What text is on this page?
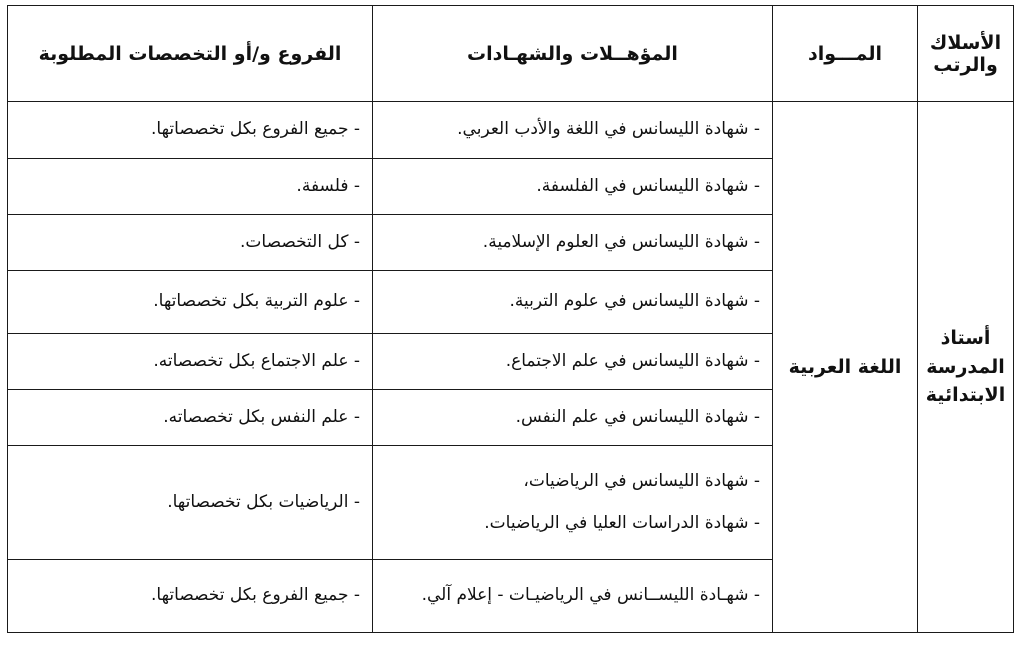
الأسلاك والرتب	المـــواد	المؤهــلات والشهـادات	الفروع و/أو التخصصات المطلوبة
أستاذ
المدرسة
الابتدائية	اللغة العربية	- شهادة الليسانس في اللغة والأدب العربي.	- جميع الفروع بكل تخصصاتها.

		- شهادة الليسانس في الفلسفة.	- فلسفة.

		- شهادة الليسانس في العلوم الإسلامية.	- كل التخصصات.

		- شهادة الليسانس في علوم التربية.	- علوم التربية بكل تخصصاتها.

		- شهادة الليسانس في علم الاجتماع.	- علم الاجتماع بكل تخصصاته.

		- شهادة الليسانس في علم النفس.	- علم النفس بكل تخصصاته.

		- شهادة الليسانس في الرياضيات،
- شهادة الدراسات العليا في الرياضيات.	- الرياضيات بكل تخصصاتها.

		- شهـادة الليســانس في الرياضيـات - إعلام آلي.	- جميع الفروع بكل تخصصاتها.
